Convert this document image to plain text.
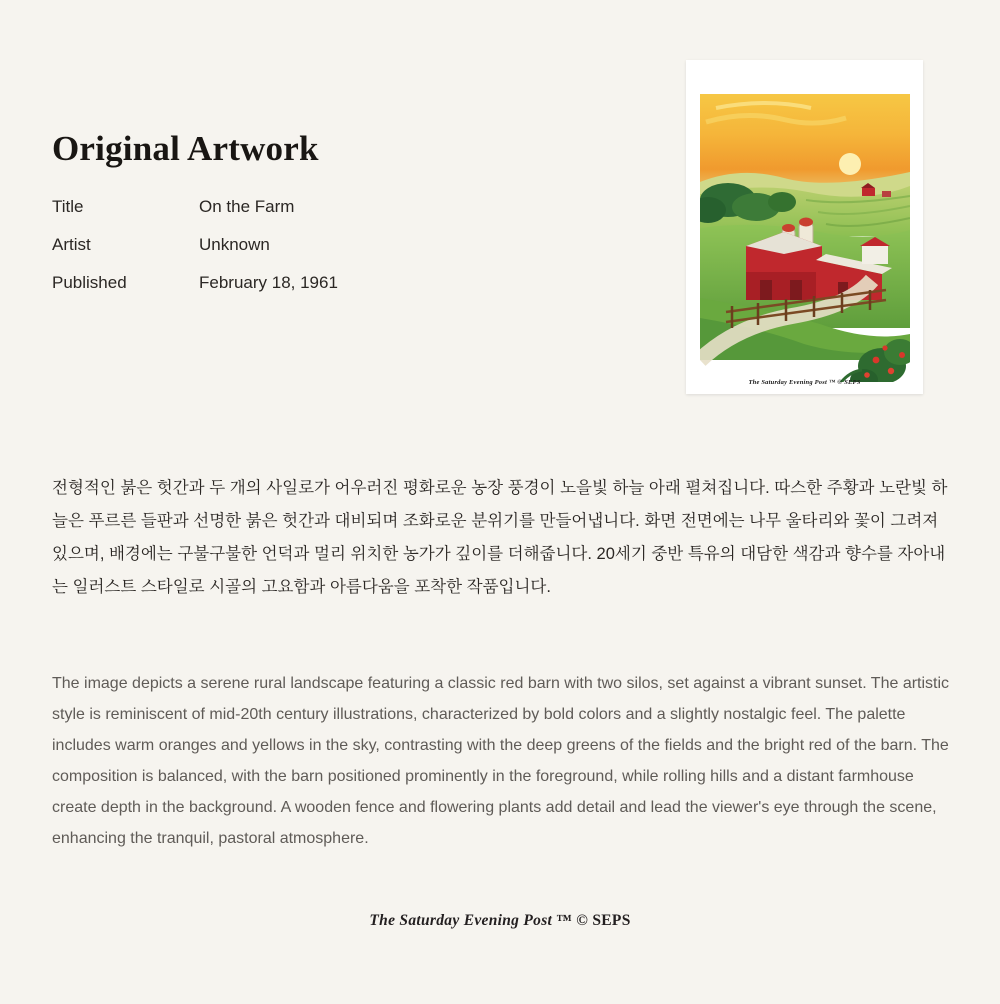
Original Artwork
Title	On the Farm
Artist	Unknown
Published	February 18, 1961
The Saturday Evening Post ™ © SEPS

전형적인 붉은 헛간과 두 개의 사일로가 어우러진 평화로운 농장 풍경이 노을빛 하늘 아래 펼쳐집니다. 따스한 주황과 노란빛 하늘은 푸르른 들판과 선명한 붉은 헛간과 대비되며 조화로운 분위기를 만들어냅니다. 화면 전면에는 나무 울타리와 꽃이 그려져 있으며, 배경에는 구불구불한 언덕과 멀리 위치한 농가가 깊이를 더해줍니다. 20세기 중반 특유의 대담한 색감과 향수를 자아내는 일러스트 스타일로 시골의 고요함과 아름다움을 포착한 작품입니다.

The image depicts a serene rural landscape featuring a classic red barn with two silos, set against a vibrant sunset. The artistic style is reminiscent of mid-20th century illustrations, characterized by bold colors and a slightly nostalgic feel. The palette includes warm oranges and yellows in the sky, contrasting with the deep greens of the fields and the bright red of the barn. The composition is balanced, with the barn positioned prominently in the foreground, while rolling hills and a distant farmhouse create depth in the background. A wooden fence and flowering plants add detail and lead the viewer's eye through the scene, enhancing the tranquil, pastoral atmosphere.

The Saturday Evening Post ™ © SEPS
